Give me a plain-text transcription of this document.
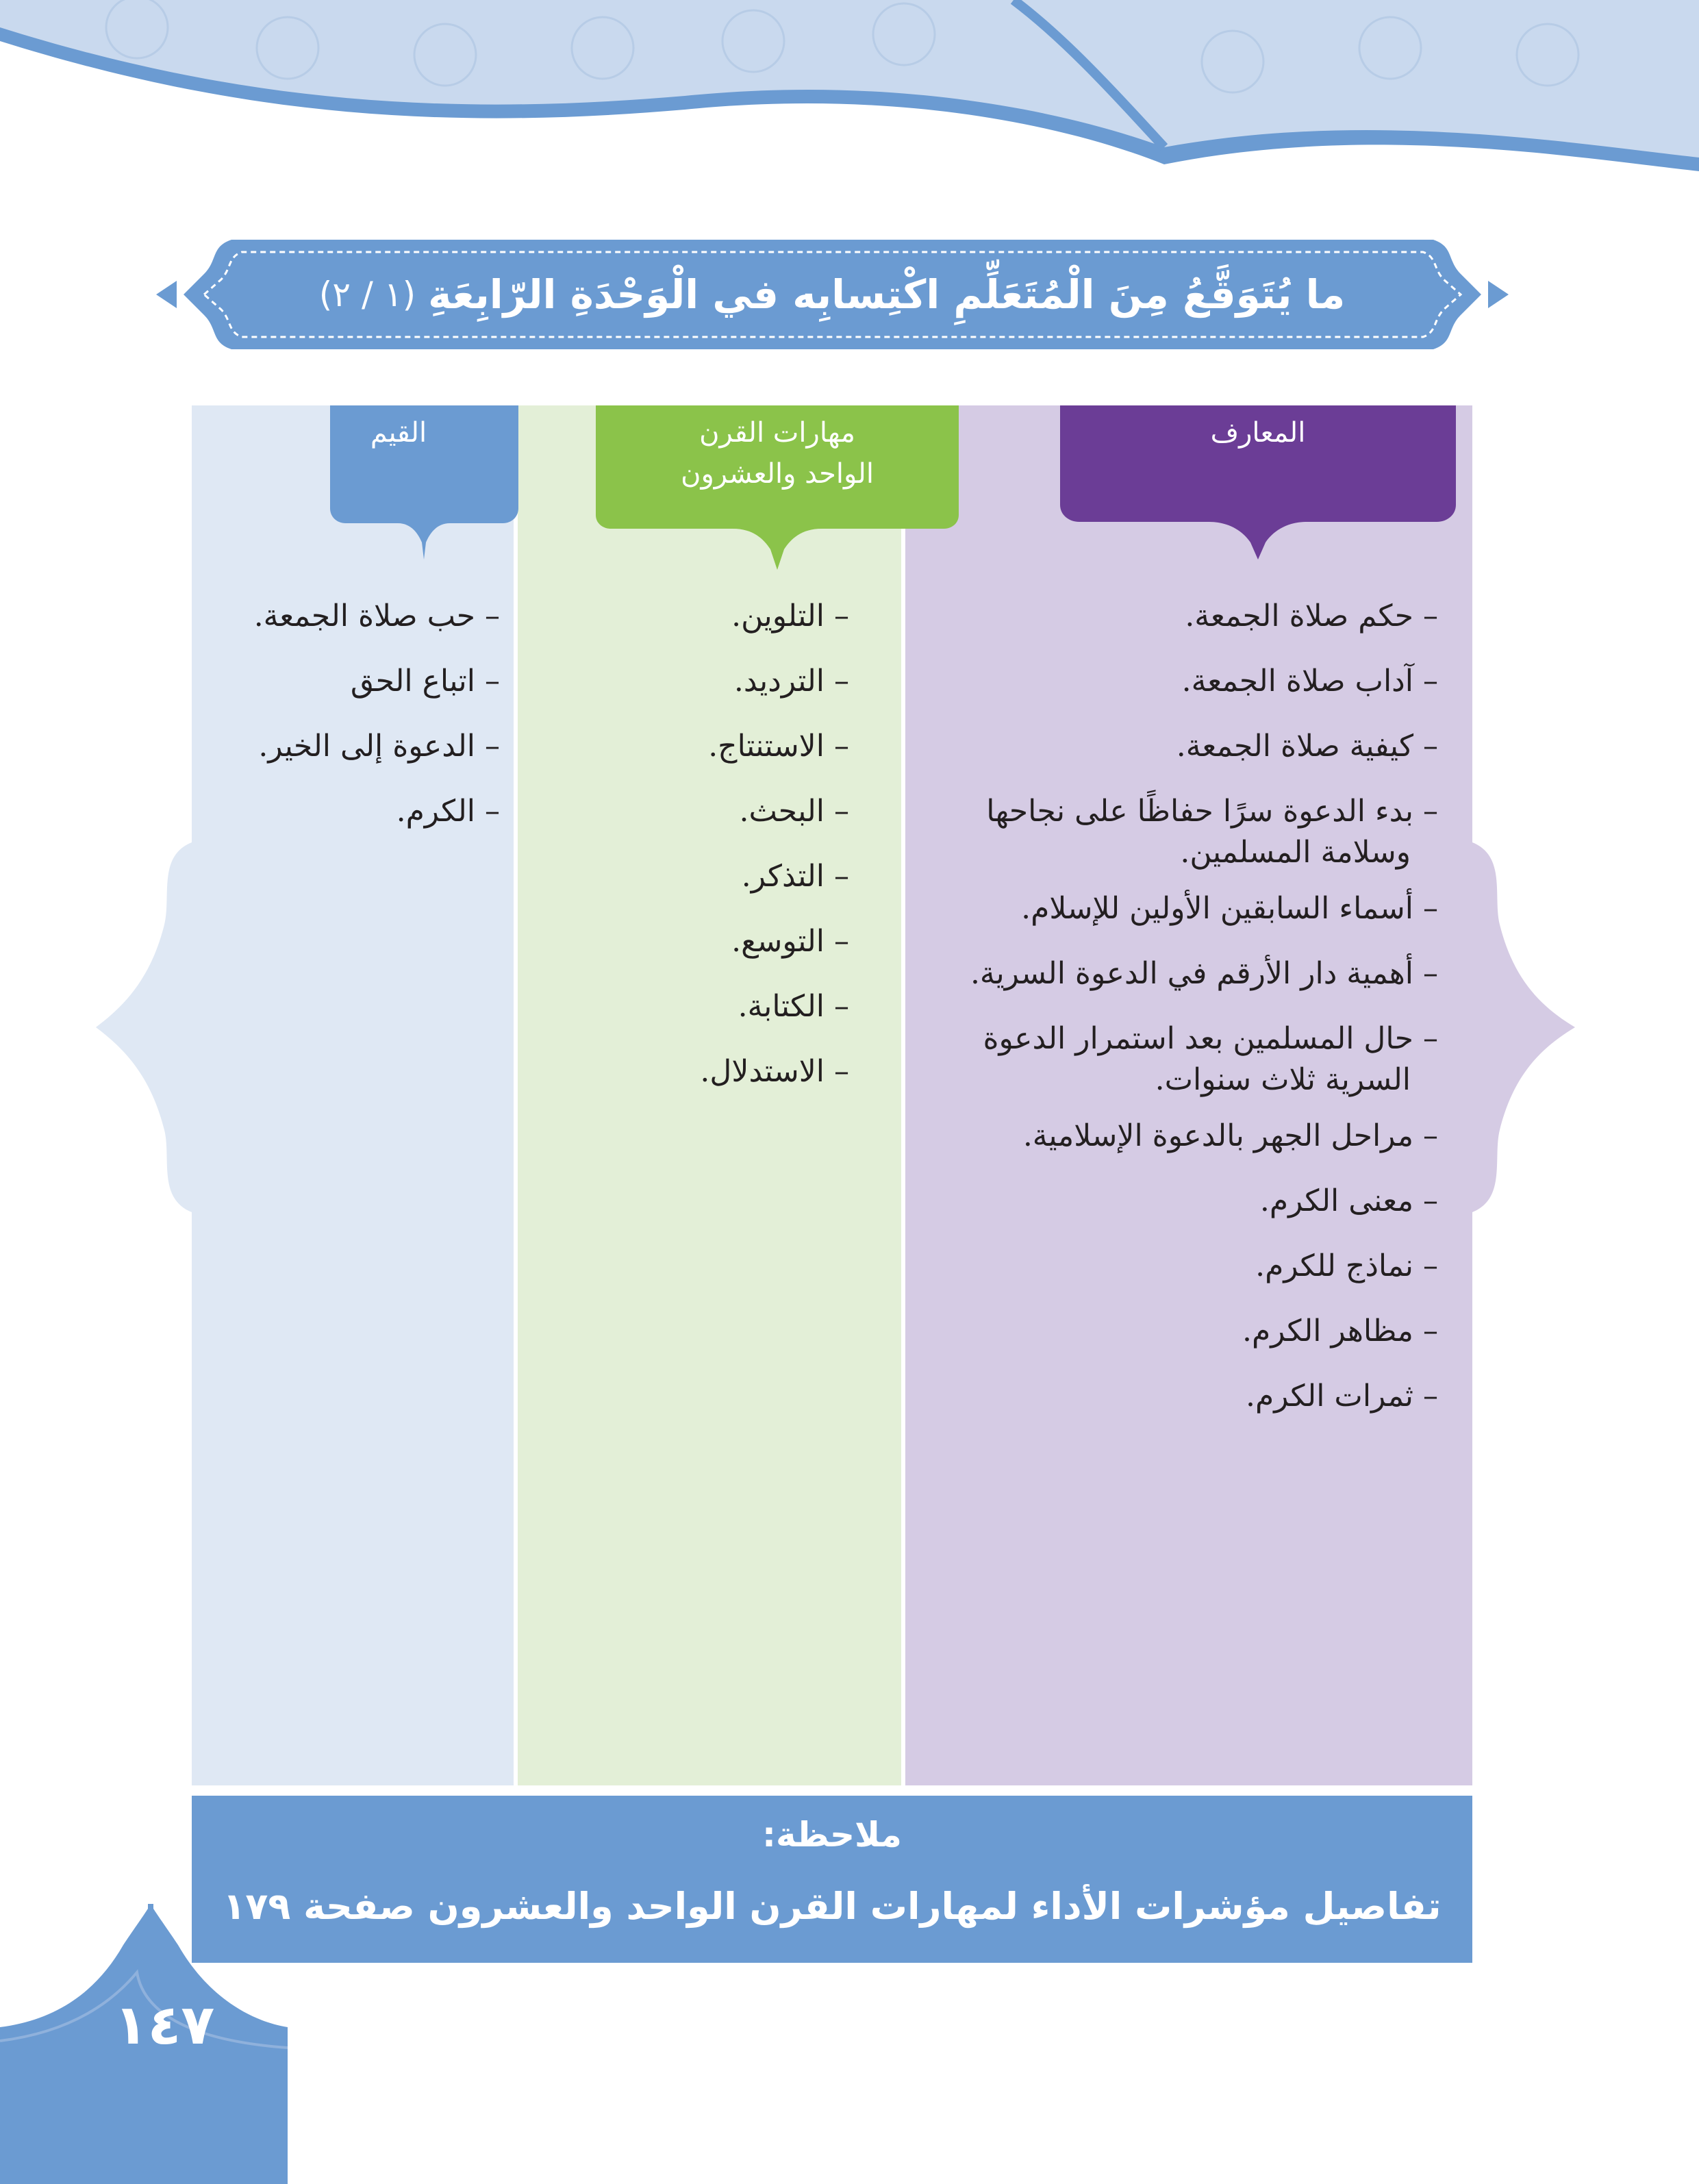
١٤٧
ما يُتَوَقَّعُ مِنَ الْمُتَعَلِّمِ اكْتِسابِه في الْوَحْدَةِ الرّابِعَةِ
(١ / ٢)
المعارف
مهارات القرن
الواحد والعشرون
القيم
– حكم صلاة الجمعة.
– آداب صلاة الجمعة.
– كيفية صلاة الجمعة.
– بدء الدعوة سرًا حفاظًا على نجاحها
وسلامة المسلمين.
– أسماء السابقين الأولين للإسلام.
– أهمية دار الأرقم في الدعوة السرية.
– حال المسلمين بعد استمرار الدعوة
السرية ثلاث سنوات.
– مراحل الجهر بالدعوة الإسلامية.
– معنى الكرم.
– نماذج للكرم.
– مظاهر الكرم.
– ثمرات الكرم.
– التلوين.
– الترديد.
– الاستنتاج.
– البحث.
– التذكر.
– التوسع.
– الكتابة.
– الاستدلال.
– حب صلاة الجمعة.
– اتباع الحق
– الدعوة إلى الخير.
– الكرم.
ملاحظة:
تفاصيل مؤشرات الأداء لمهارات القرن الواحد والعشرون صفحة ١٧٩
